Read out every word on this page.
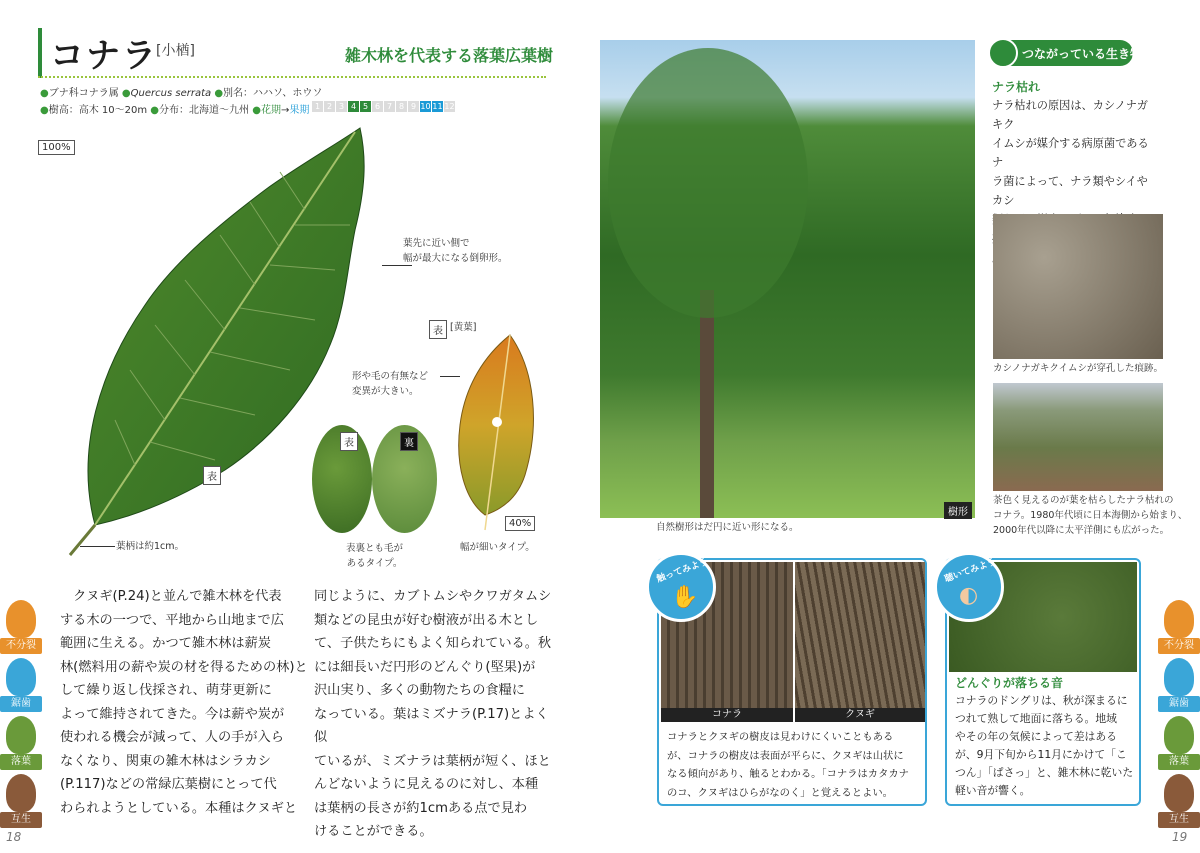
コナラ
[小楢]	雑木林を代表する落葉広葉樹
●ブナ科コナラ属 ●Quercus serrata ●別名：ハハソ、ホウソ
●樹高：高木 10～20m ●分布：北海道～九州 ●花期→果期 1 2 3 4 5 6 7 8 9 10 11 12
100%
表
葉柄は約1cm。
葉先に近い側で
幅が最大になる倒卵形。
表 [黄葉]
形や毛の有無など
変異が大きい。
40%
幅が細いタイプ。
表	裏
表裏とも毛が
あるタイプ。
　クヌギ(P.24)と並んで雑木林を代表
する木の一つで、平地から山地まで広
範囲に生える。かつて雑木林は薪炭
林(燃料用の薪や炭の材を得るための林)と
して繰り返し伐採され、萌芽更新に
よって維持されてきた。今は薪や炭が
使われる機会が減って、人の手が入ら
なくなり、関東の雑木林はシラカシ
(P.117)などの常緑広葉樹にとって代
わられようとしている。本種はクヌギと
同じように、カブトムシやクワガタムシ
類などの昆虫が好む樹液が出る木とし
て、子供たちにもよく知られている。秋
には細長いだ円形のどんぐり(堅果)が
沢山実り、多くの動物たちの食糧に
なっている。葉はミズナラ(P.17)とよく似
ているが、ミズナラは葉柄が短く、ほと
んどないように見えるのに対し、本種
は葉柄の長さが約1cmある点で見わ
けることができる。
不分裂
鋸歯
落葉
互生
18
樹形
自然樹形はだ円に近い形になる。
つながっている生き物
ナラ枯れ
ナラ枯れの原因は、カシノナガキク
イムシが媒介する病原菌であるナ
ラ菌によって、ナラ類やシイやカシ
カシノナガキクイムシが穿孔した痕跡。
茶色く見えるのが葉を枯らしたナラ枯れの
コナラ。1980年代頃に日本海側から始まり、
2000年代以降に太平洋側にも広がった。
コナラ	クヌギ
コナラとクヌギの樹皮は見わけにくいこともある
が、コナラの樹皮は表面が平らに、クヌギは山状に
なる傾向があり、触るとわかる。「コナラはカタカナ
のコ、クヌギはひらがなのく」と覚えるとよい。
触ってみよう
✋
どんぐりが落ちる音
コナラのドングリは、秋が深まるに
つれて熟して地面に落ちる。地域
やその年の気候によって差はある
が、9月下旬から11月にかけて「こ
つん」「ぱさっ」と、雑木林に乾いた
軽い音が響く。
聴いてみよう
◐
不分裂
鋸歯
落葉
互生
19
